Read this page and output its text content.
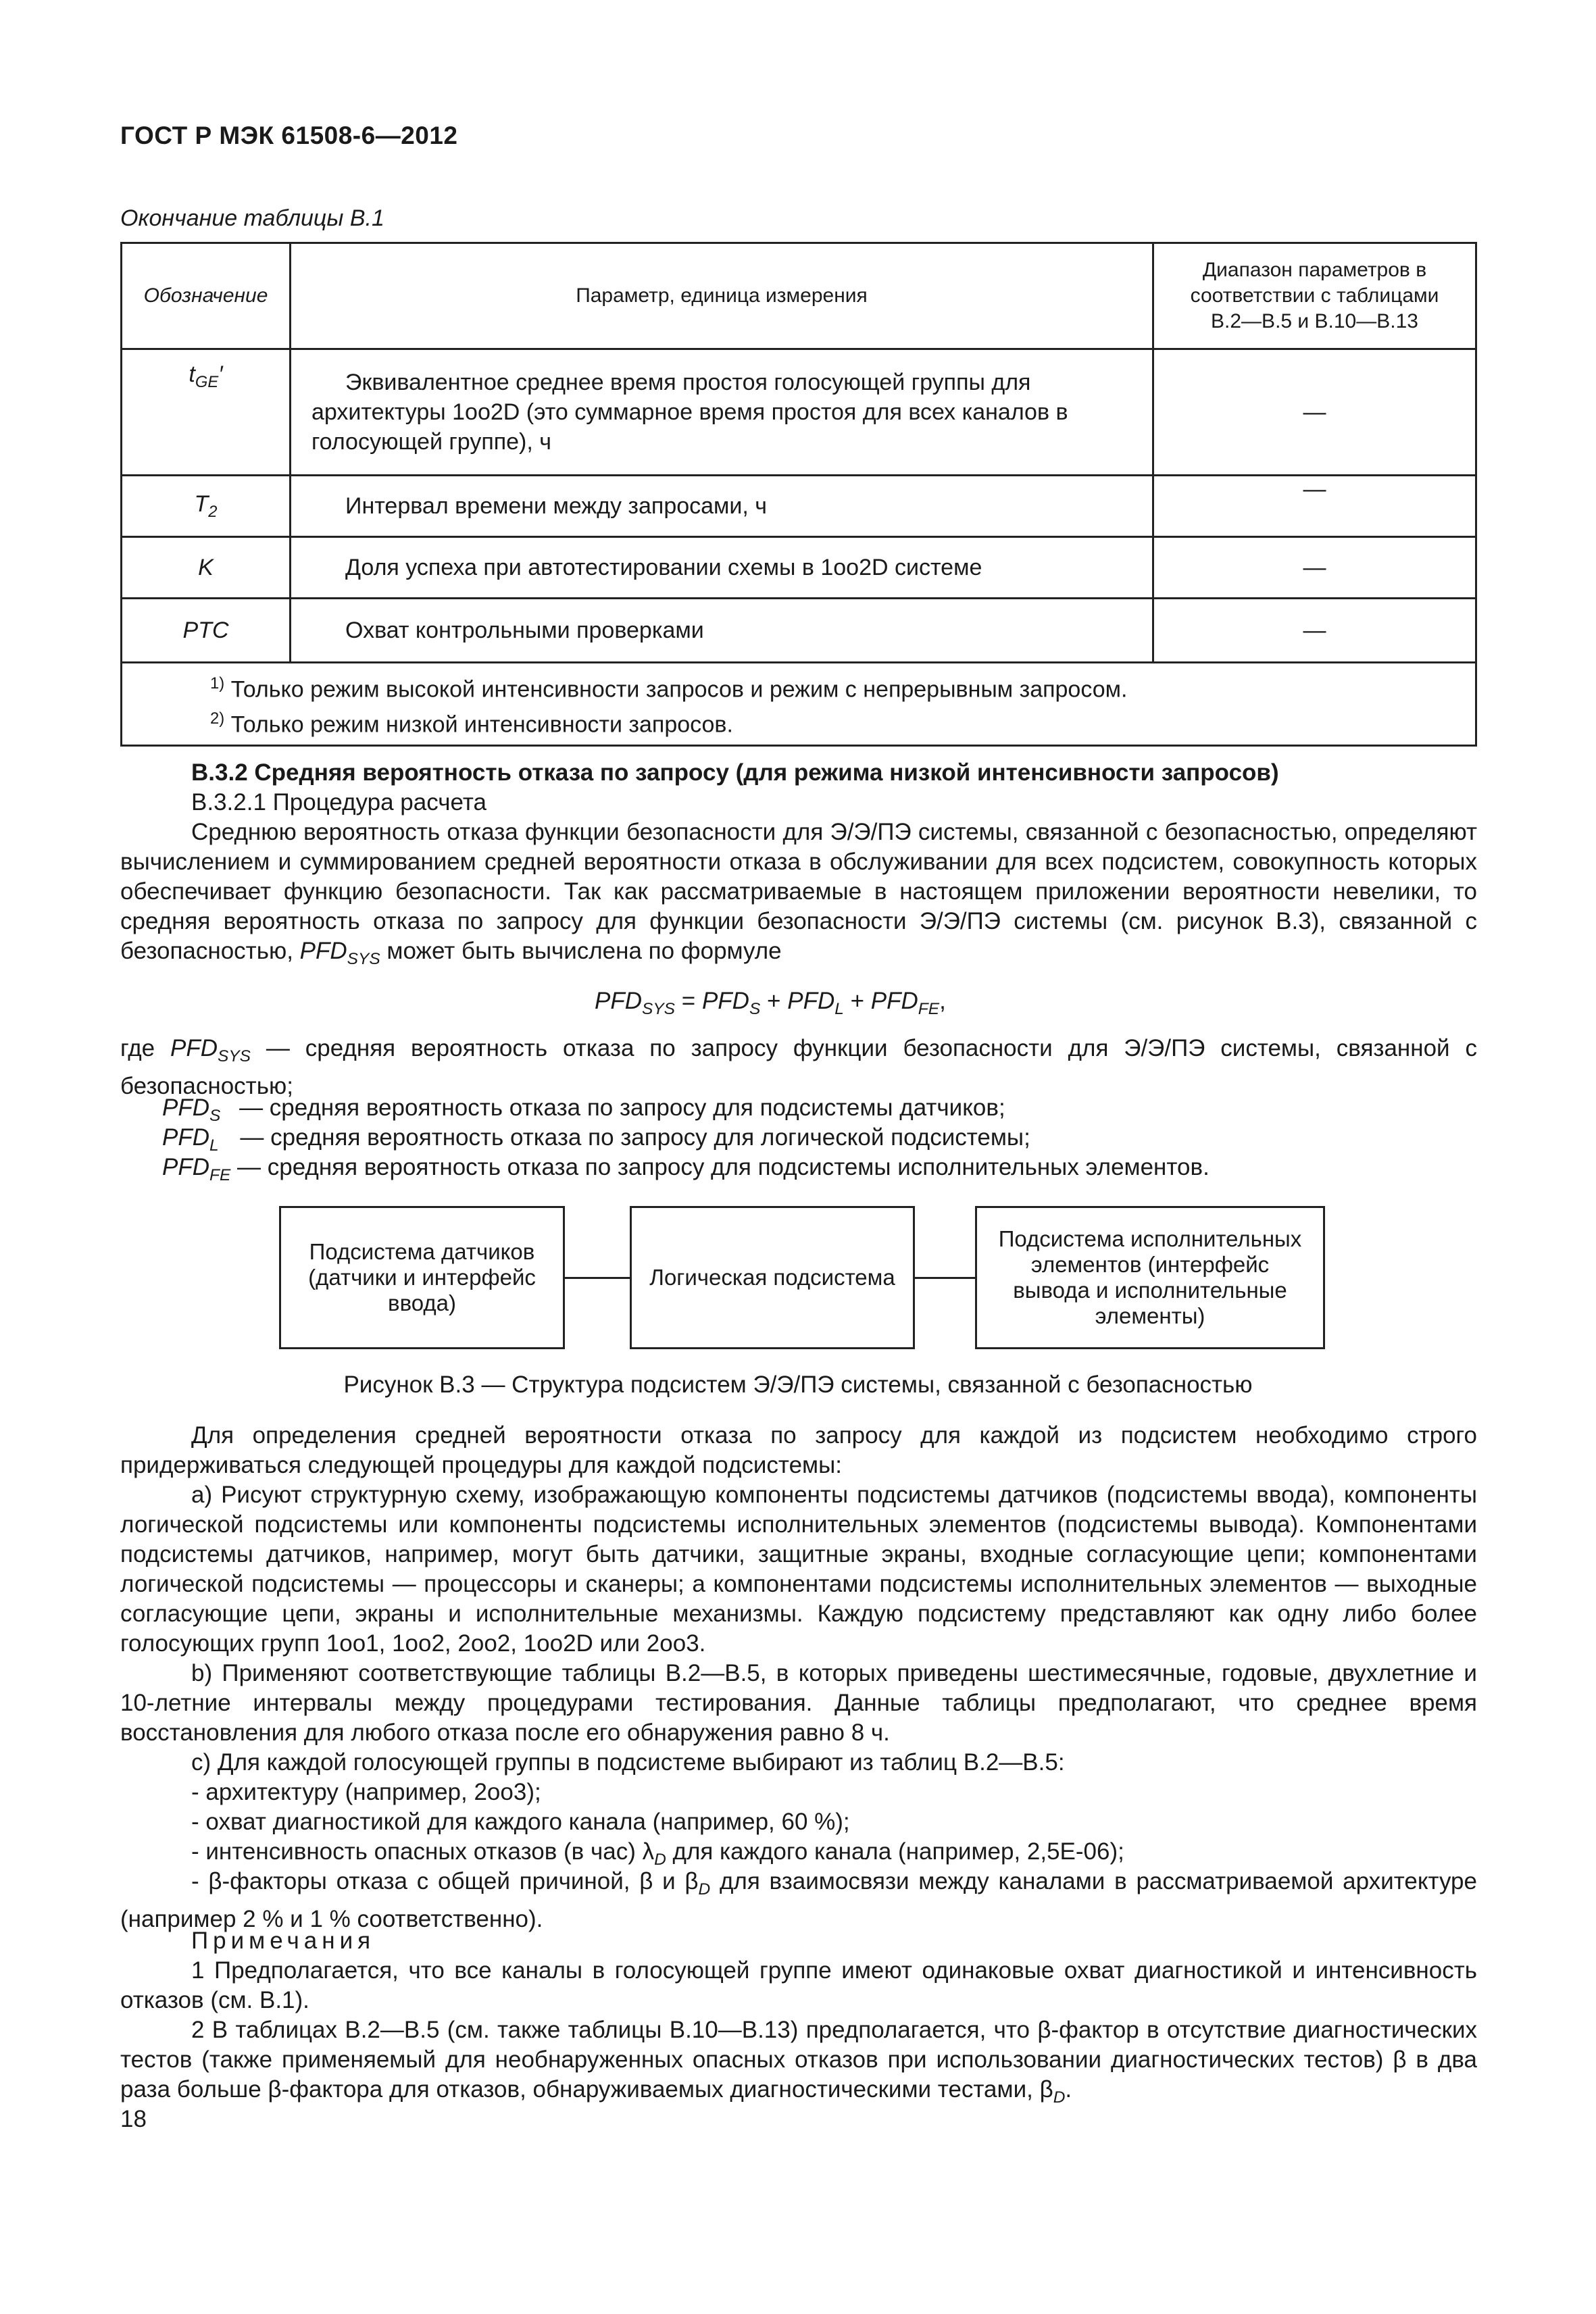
ГОСТ Р МЭК 61508-6—2012
Окончание таблицы B.1
Обозначение	Параметр, единица измерения	Диапазон параметров в соответствии с таблицами В.2—В.5 и В.10—В.13
$t_{GE}'$	Эквивалентное среднее время простоя голосующей группы для архитектуры 1oo2D (это суммарное время простоя для всех каналов в голосующей группе), ч	—
$T_2$	Интервал времени между запросами, ч	—
K	Доля успеха при автотестировании схемы в 1oo2D системе	—
PTC	Охват контрольными проверками	—

$^{1)}$ Только режим высокой интенсивности запросов и режим с непрерывным запросом.
$^{2)}$ Только режим низкой интенсивности запросов.		
B.3.2 Средняя вероятность отказа по запросу (для режима низкой интенсивности запросов)
B.3.2.1 Процедура расчета
Среднюю вероятность отказа функции безопасности для Э/Э/ПЭ системы, связанной с безопасностью, определяют вычислением и суммированием средней вероятности отказа в обслуживании для всех подсистем, совокупность которых обеспечивает функцию безопасности. Так как рассматриваемые в настоящем приложении вероятности невелики, то средняя вероятность отказа по запросу для функции безопасности Э/Э/ПЭ системы (см. рисунок B.3), связанной с безопасностью, $PFD_{SYS}$ может быть вычислена по формуле
$PFD_{SYS} = PFD_S + PFD_L + PFD_{FE}$,
где $PFD_{SYS}$ — средняя вероятность отказа по запросу функции безопасности для Э/Э/ПЭ системы, связанной с безопасностью;
$PFD_S$ — средняя вероятность отказа по запросу для подсистемы датчиков;
$PFD_L$ — средняя вероятность отказа по запросу для логической подсистемы;
$PFD_{FE}$ — средняя вероятность отказа по запросу для подсистемы исполнительных элементов.
Подсистема датчиков (датчики и интерфейс ввода)
Логическая подсистема
Подсистема исполнительных элементов (интерфейс вывода и исполнительные элементы)
Рисунок B.3 — Структура подсистем Э/Э/ПЭ системы, связанной с безопасностью
Для определения средней вероятности отказа по запросу для каждой из подсистем необходимо строго придерживаться следующей процедуры для каждой подсистемы:
a) Рисуют структурную схему, изображающую компоненты подсистемы датчиков (подсистемы ввода), компоненты логической подсистемы или компоненты подсистемы исполнительных элементов (подсистемы вывода). Компонентами подсистемы датчиков, например, могут быть датчики, защитные экраны, входные согласующие цепи; компонентами логической подсистемы — процессоры и сканеры; а компонентами подсистемы исполнительных элементов — выходные согласующие цепи, экраны и исполнительные механизмы. Каждую подсистему представляют как одну либо более голосующих групп 1oo1, 1oo2, 2oo2, 1oo2D или 2oo3.
b) Применяют соответствующие таблицы B.2—B.5, в которых приведены шестимесячные, годовые, двухлетние и 10-летние интервалы между процедурами тестирования. Данные таблицы предполагают, что среднее время восстановления для любого отказа после его обнаружения равно 8 ч.
c) Для каждой голосующей группы в подсистеме выбирают из таблиц B.2—B.5:
- архитектуру (например, 2oo3);
- охват диагностикой для каждого канала (например, 60 %);
- интенсивность опасных отказов (в час) $\lambda_D$ для каждого канала (например, 2,5E-06);
- β-факторы отказа с общей причиной, β и $\beta_D$ для взаимосвязи между каналами в рассматриваемой архитектуре (например 2 % и 1 % соответственно).
Примечания
1 Предполагается, что все каналы в голосующей группе имеют одинаковые охват диагностикой и интенсивность отказов (см. B.1).
2 В таблицах B.2—B.5 (см. также таблицы B.10—B.13) предполагается, что β-фактор в отсутствие диагностических тестов (также применяемый для необнаруженных опасных отказов при использовании диагностических тестов) β в два раза больше β-фактора для отказов, обнаруживаемых диагностическими тестами, $\beta_D$.
18
